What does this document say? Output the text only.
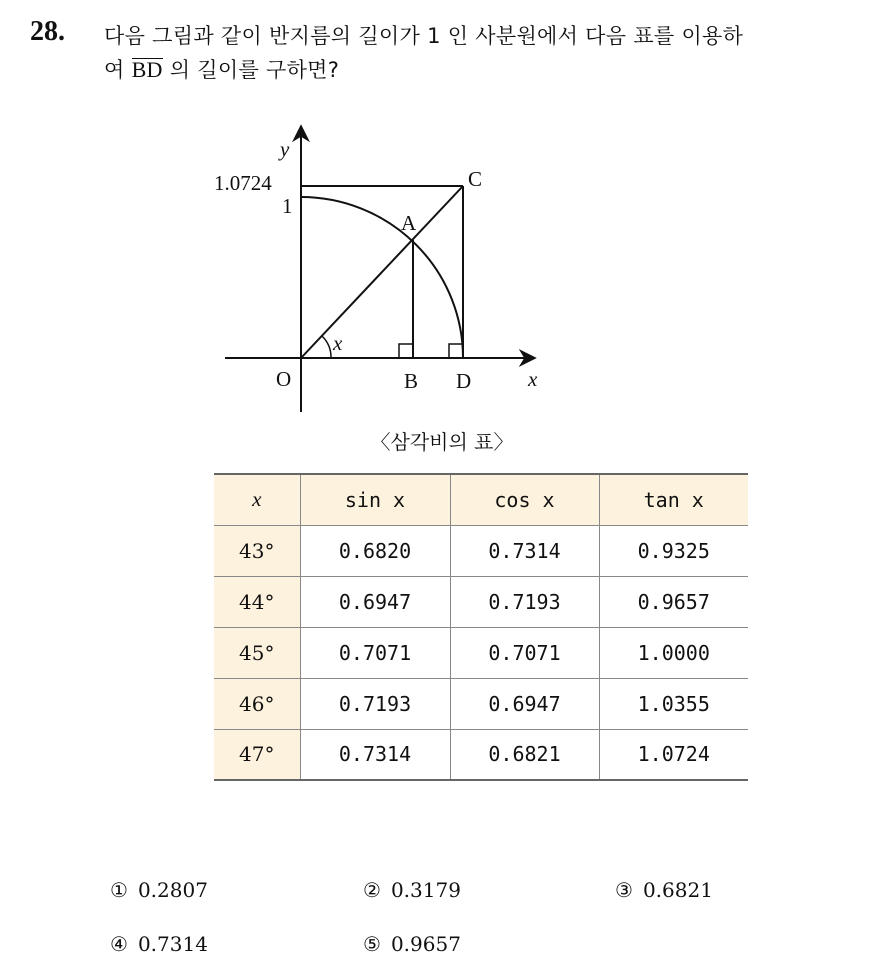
28. 다음 그림과 같이 반지름의 길이가 1 인 사분원에서 다음 표를 이용하
여 BD 의 길이를 구하면?
y
x
1.0724
1
C
A
O	B D
x
〈삼각비의 표〉
x	sin x	cos x	tan x
43°	0.6820	0.7314	0.9325
44°	0.6947	0.7193	0.9657
45°	0.7071	0.7071	1.0000
46°	0.7193	0.6947	1.0355
47°	0.7314	0.6821	1.0724
① 0.2807	② 0.3179	③ 0.6821
④ 0.7314	⑤ 0.9657
